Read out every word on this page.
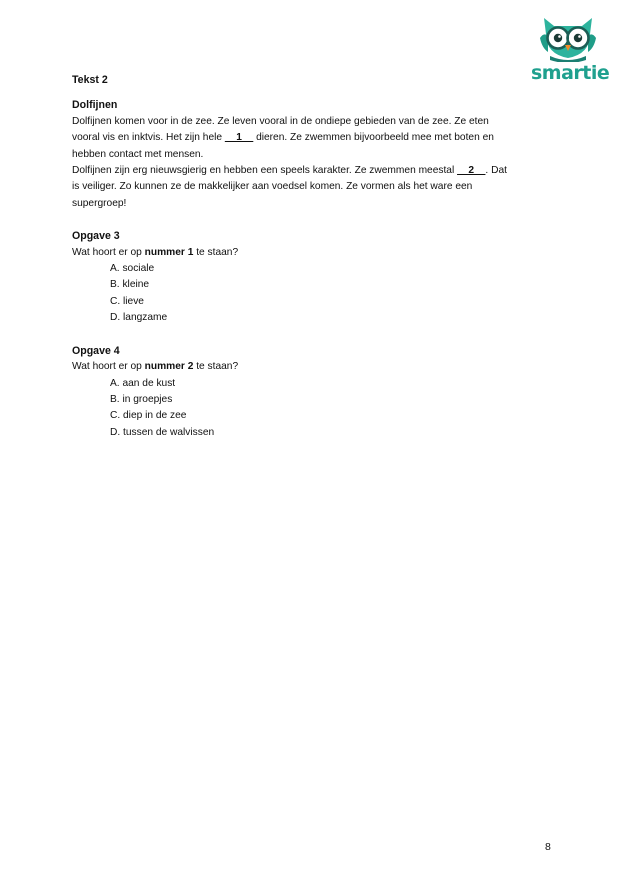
smartie
Tekst 2
Dolfijnen

Dolfijnen komen voor in de zee. Ze leven vooral in de ondiepe gebieden van de zee. Ze eten vooral vis en inktvis. Het zijn hele __1__ dieren. Ze zwemmen bijvoorbeeld mee met boten en hebben contact met mensen.

Dolfijnen zijn erg nieuwsgierig en hebben een speels karakter. Ze zwemmen meestal __2__. Dat is veiliger. Zo kunnen ze de makkelijker aan voedsel komen. Ze vormen als het ware een supergroep!

Opgave 3
Wat hoort er op nummer 1 te staan?
A. sociale
B. kleine
C. lieve
D. langzame
Opgave 4
Wat hoort er op nummer 2 te staan?
A. aan de kust
B. in groepjes
C. diep in de zee
D. tussen de walvissen
8
